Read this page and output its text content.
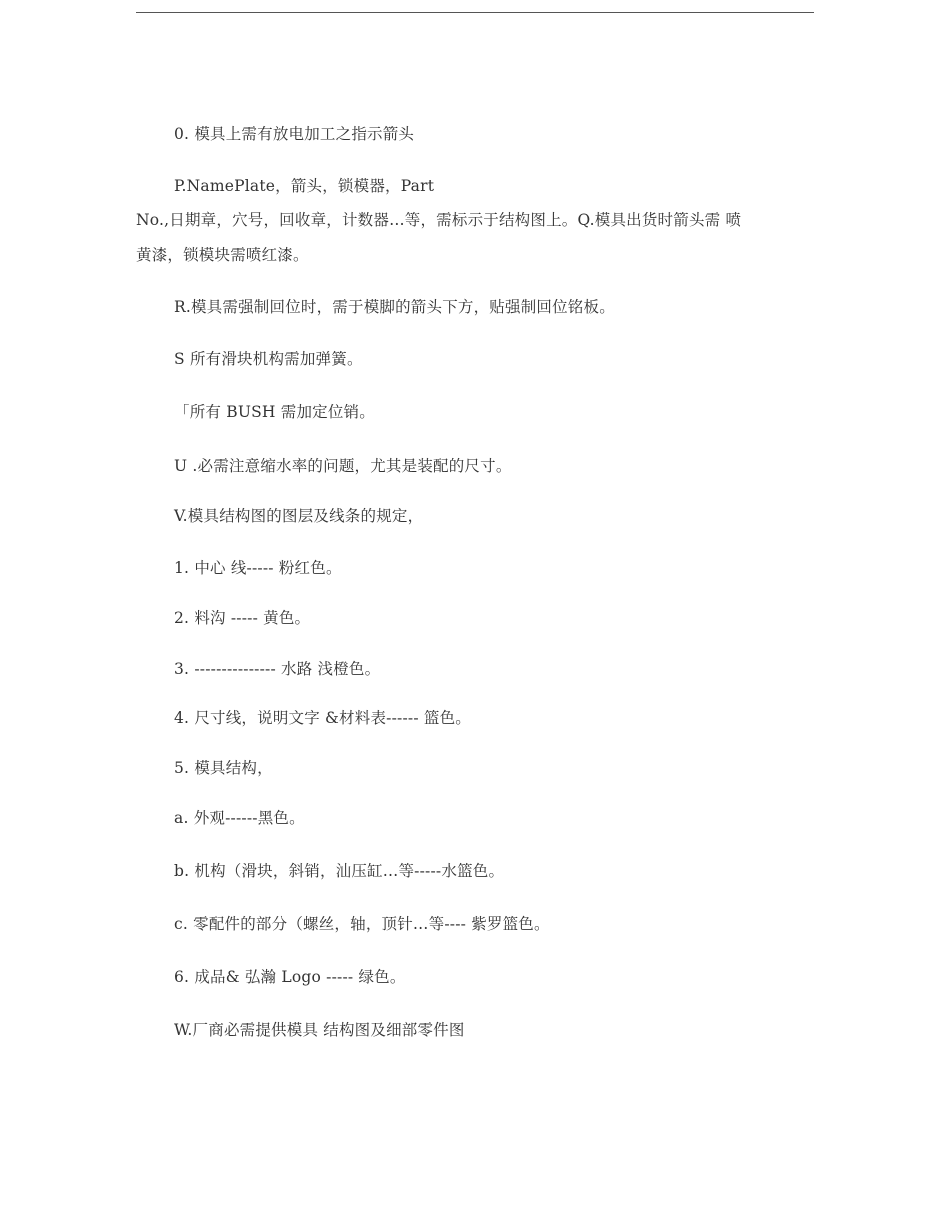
0. 模具上需有放电加工之指示箭头
P.NamePlate，箭头，锁模器，Part
No.,日期章，穴号，回收章，计数器…等，需标示于结构图上。Q.模具出货时箭头需 喷
黄漆，锁模块需喷红漆。
R.模具需强制回位时，需于模脚的箭头下方，贴强制回位铭板。
S 所有滑块机构需加弹簧。
「所有 BUSH 需加定位销。
U .必需注意缩水率的问题，尤其是装配的尺寸。
V.模具结构图的图层及线条的规定，
1. 中心 线----- 粉红色。
2. 料沟 ----- 黄色。
3. --------------- 水路 浅橙色。
4. 尺寸线，说明文字 &材料表------ 篮色。
5. 模具结构，
a. 外观------黑色。
b. 机构（滑块，斜销，汕压缸…等-----水篮色。
c. 零配件的部分（螺丝，轴，顶针…等---- 紫罗篮色。
6. 成品& 弘瀚 Logo ----- 绿色。
W.厂商必需提供模具 结构图及细部零件图
